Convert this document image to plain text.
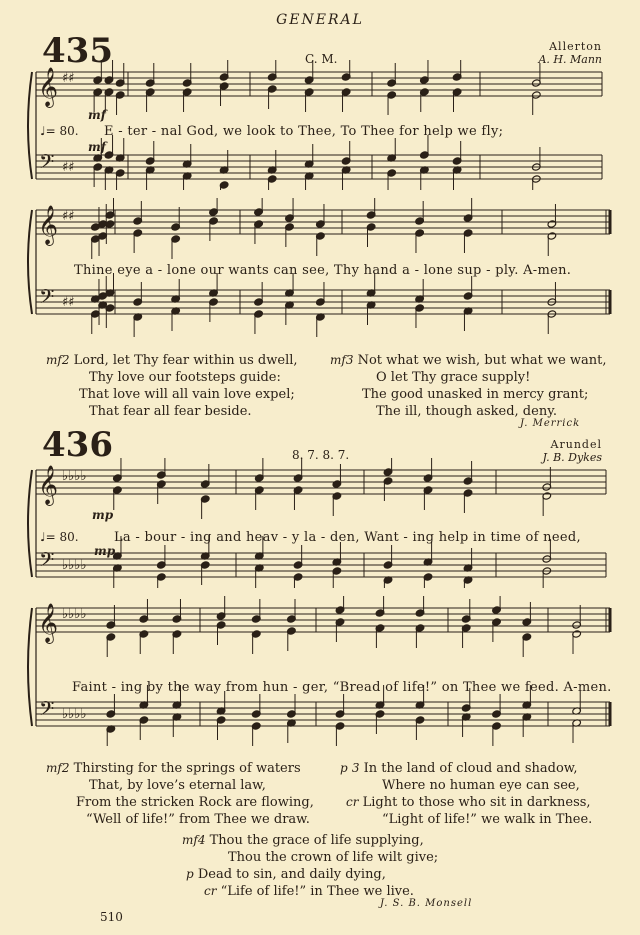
GENERAL
435	C. M.
Allerton
A. H. Mann
𝄞
𝄢
♯♯
♯♯
mf
♩= 80. E - ter - nal God, we look to Thee, To Thee for help we fly;
mf
𝄞
𝄢
♯♯
♯♯
Thine eye a - lone our wants can see, Thy hand a - lone sup - ply. A-men.
mf2 Lord, let Thy fear within us dwell,
Thy love our footsteps guide:
That love will all vain love expel;
That fear all fear beside.
mf3 Not what we wish, but what we want,
O let Thy grace supply!
The good unasked in mercy grant;
The ill, though asked, deny.
J. Merrick
436	8. 7. 8. 7.
Arundel
J. B. Dykes
𝄞
𝄢
♭♭♭♭
♭♭♭♭
mp
♩= 80.	La - bour - ing and heav - y la - den, Want - ing help in time of need,
mp
𝄞
𝄢
♭♭♭♭
♭♭♭♭
Faint - ing by the way from hun - ger, “Bread of life!” on Thee we feed. A-men.
mf2 Thirsting for the springs of waters
That, by love’s eternal law,
From the stricken Rock are flowing,
“Well of life!” from Thee we draw.
p 3 In the land of cloud and shadow,
Where no human eye can see,
cr Light to those who sit in darkness,
“Light of life!” we walk in Thee.
mf4 Thou the grace of life supplying,
Thou the crown of life wilt give;
p Dead to sin, and daily dying,
cr “Life of life!” in Thee we live.
J. S. B. Monsell
510
